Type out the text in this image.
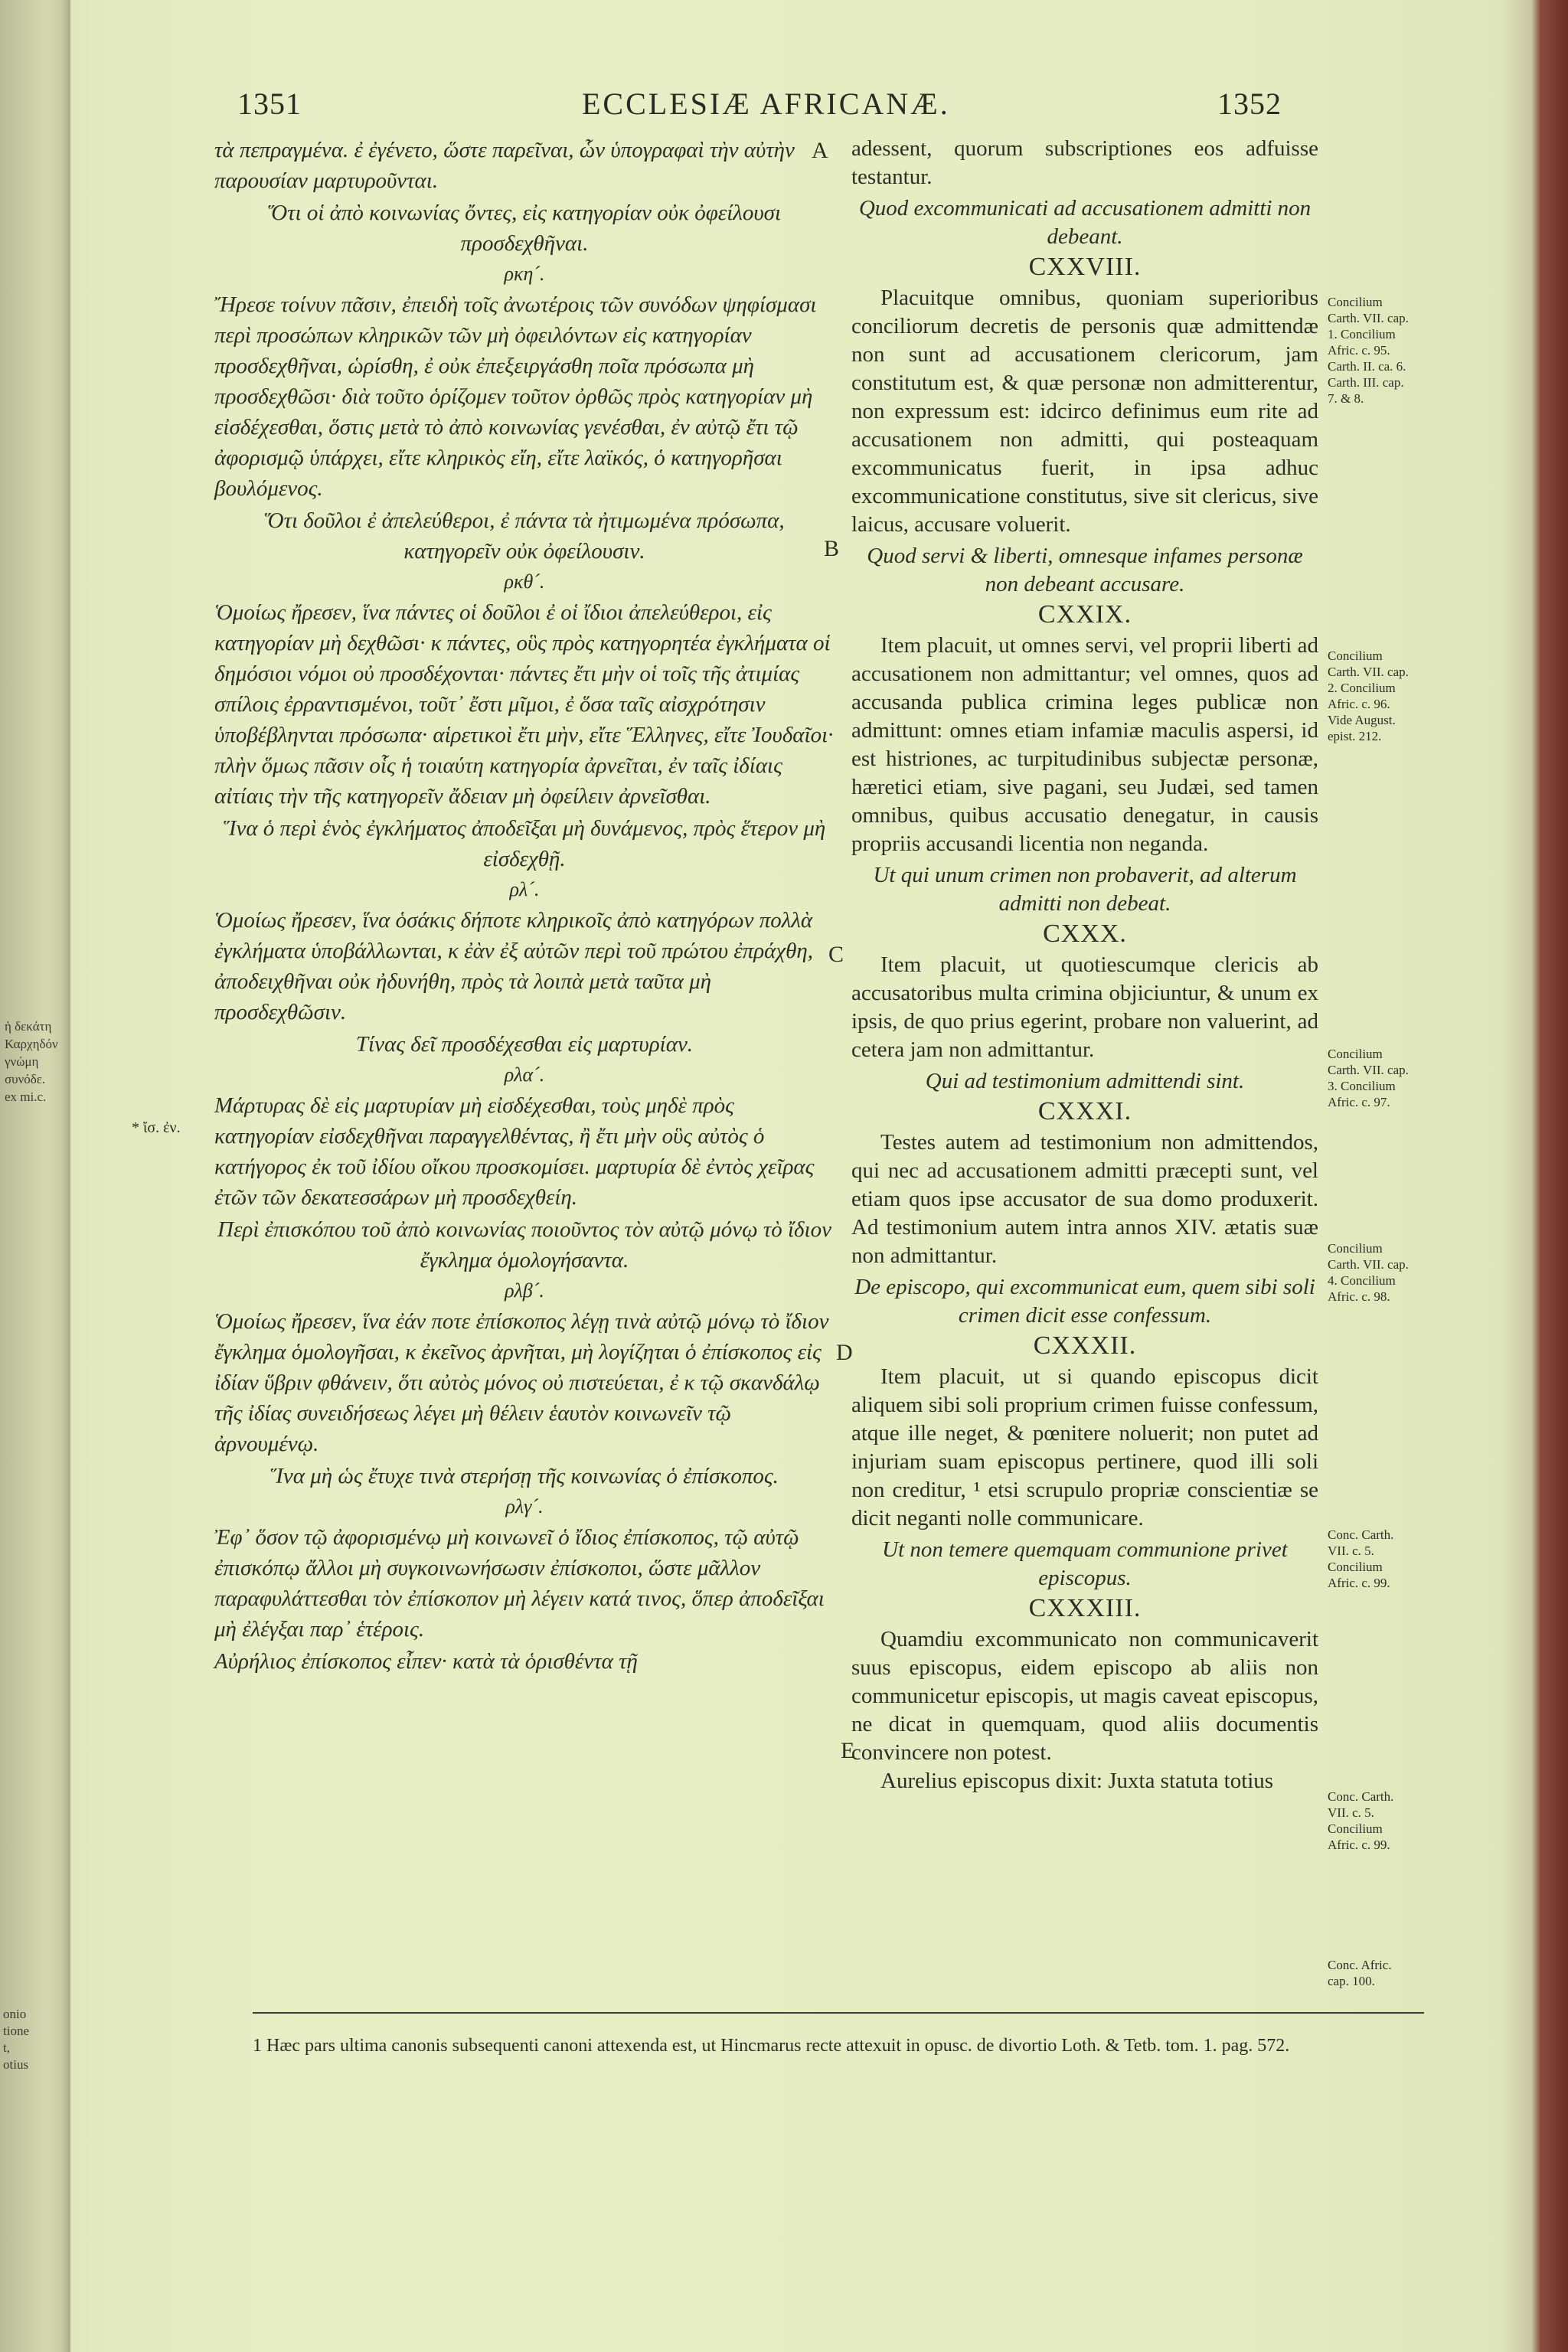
ἡ δεκάτη
Καρχηδόν
γνώμη
συνόδε.
ex mi.c.
onio
tione
t,
otius
1351	ECCLESIÆ AFRICANÆ.	1352

τὰ πεπραγμένα. ἐ ἐγένετο, ὥστε παρεῖναι, ὧν ὑπογραφαὶ τὴν αὐτὴν παρουσίαν μαρτυροῦνται.

Ὅτι οἱ ἀπὸ κοινωνίας ὄντες, εἰς κατηγορίαν οὐκ ὀφείλουσι προσδεχθῆναι.

ρκη´.

Ἤρεσε τοίνυν πᾶσιν, ἐπειδὴ τοῖς ἀνωτέροις τῶν συνόδων ψηφίσμασι περὶ προσώπων κληρικῶν τῶν μὴ ὀφειλόντων εἰς κατηγορίαν προσδεχθῆναι, ὡρίσθη, ἐ οὐκ ἐπεξειργάσθη ποῖα πρόσωπα μὴ προσδεχθῶσι· διὰ τοῦτο ὁρίζομεν τοῦτον ὀρθῶς πρὸς κατηγορίαν μὴ εἰσδέχεσθαι, ὅστις μετὰ τὸ ἀπὸ κοινωνίας γενέσθαι, ἐν αὐτῷ ἔτι τῷ ἀφορισμῷ ὑπάρχει, εἴτε κληρικὸς εἴη, εἴτε λαϊκός, ὁ κατηγορῆσαι βουλόμενος.

Ὅτι δοῦλοι ἐ ἀπελεύθεροι, ἐ πάντα τὰ ἠτιμωμένα πρόσωπα, κατηγορεῖν οὐκ ὀφείλουσιν.

ρκθ´.

Ὁμοίως ἤρεσεν, ἵνα πάντες οἱ δοῦλοι ἐ οἱ ἴδιοι ἀπελεύθεροι, εἰς κατηγορίαν μὴ δεχθῶσι· κ πάντες, οὓς πρὸς κατηγορητέα ἐγκλήματα οἱ δημόσιοι νόμοι οὐ προσδέχονται· πάντες ἔτι μὴν οἱ τοῖς τῆς ἀτιμίας σπίλοις ἐρραντισμένοι, τοῦτ᾽ ἔστι μῖμοι, ἐ ὅσα ταῖς αἰσχρότησιν ὑποβέβληνται πρόσωπα· αἱρετικοὶ ἔτι μὴν, εἴτε Ἕλληνες, εἴτε Ἰουδαῖοι· πλὴν ὅμως πᾶσιν οἷς ἡ τοιαύτη κατηγορία ἀρνεῖται, ἐν ταῖς ἰδίαις αἰτίαις τὴν τῆς κατηγορεῖν ἄδειαν μὴ ὀφείλειν ἀρνεῖσθαι.

Ἵνα ὁ περὶ ἑνὸς ἐγκλήματος ἀποδεῖξαι μὴ δυνάμενος, πρὸς ἕτερον μὴ εἰσδεχθῇ.

ρλ´.

Ὁμοίως ἤρεσεν, ἵνα ὁσάκις δήποτε κληρικοῖς ἀπὸ κατηγόρων πολλὰ ἐγκλήματα ὑποβάλλωνται, κ ἐὰν ἐξ αὐτῶν περὶ τοῦ πρώτου ἐπράχθη, ἀποδειχθῆναι οὐκ ἠδυνήθη, πρὸς τὰ λοιπὰ μετὰ ταῦτα μὴ προσδεχθῶσιν.

Τίνας δεῖ προσδέχεσθαι εἰς μαρτυρίαν.

ρλα´.

Μάρτυρας δὲ εἰς μαρτυρίαν μὴ εἰσδέχεσθαι, τοὺς μηδὲ πρὸς κατηγορίαν εἰσδεχθῆναι παραγγελθέντας, ἢ ἔτι μὴν οὓς αὐτὸς ὁ κατήγορος ἐκ τοῦ ἰδίου οἴκου προσκομίσει. μαρτυρία δὲ ἐντὸς χεῖρας ἐτῶν τῶν δεκατεσσάρων μὴ προσδεχθείη.

Περὶ ἐπισκόπου τοῦ ἀπὸ κοινωνίας ποιοῦντος τὸν αὐτῷ μόνῳ τὸ ἴδιον ἔγκλημα ὁμολογήσαντα.

ρλβ´.

Ὁμοίως ἤρεσεν, ἵνα ἐάν ποτε ἐπίσκοπος λέγῃ τινὰ αὐτῷ μόνῳ τὸ ἴδιον ἔγκλημα ὁμολογῆσαι, κ ἐκεῖνος ἀρνῆται, μὴ λογίζηται ὁ ἐπίσκοπος εἰς ἰδίαν ὕβριν φθάνειν, ὅτι αὐτὸς μόνος οὐ πιστεύεται, ἐ κ τῷ σκανδάλῳ τῆς ἰδίας συνειδήσεως λέγει μὴ θέλειν ἑαυτὸν κοινωνεῖν τῷ ἀρνουμένῳ.

Ἵνα μὴ ὡς ἔτυχε τινὰ στερήσῃ τῆς κοινωνίας ὁ ἐπίσκοπος.

ρλγ´.

Ἐφ᾽ ὅσον τῷ ἀφορισμένῳ μὴ κοινωνεῖ ὁ ἴδιος ἐπίσκοπος, τῷ αὐτῷ ἐπισκόπῳ ἄλλοι μὴ συγκοινωνήσωσιν ἐπίσκοποι, ὥστε μᾶλλον παραφυλάττεσθαι τὸν ἐπίσκοπον μὴ λέγειν κατά τινος, ὅπερ ἀποδεῖξαι μὴ ἐλέγξαι παρ᾽ ἑτέροις.

Αὐρήλιος ἐπίσκοπος εἶπεν· κατὰ τὰ ὁρισθέντα τῇ

* ἴσ. ἐν.
A
B
C
D
E

adessent, quorum subscriptiones eos adfuisse testantur.

Quod excommunicati ad accusationem admitti non debeant.

CXXVIII.

Placuitque omnibus, quoniam superioribus conciliorum decretis de personis quæ admittendæ non sunt ad accusationem clericorum, jam constitutum est, & quæ personæ non admitterentur, non expressum est: idcirco definimus eum rite ad accusationem non admitti, qui posteaquam excommunicatus fuerit, in ipsa adhuc excommunicatione constitutus, sive sit clericus, sive laicus, accusare voluerit.

Quod servi & liberti, omnesque infames personæ non debeant accusare.

CXXIX.

Item placuit, ut omnes servi, vel proprii liberti ad accusationem non admittantur; vel omnes, quos ad accusanda publica crimina leges publicæ non admittunt: omnes etiam infamiæ maculis aspersi, id est histriones, ac turpitudinibus subjectæ personæ, hæretici etiam, sive pagani, seu Judæi, sed tamen omnibus, quibus accusatio denegatur, in causis propriis accusandi licentia non neganda.

Ut qui unum crimen non probaverit, ad alterum admitti non debeat.

CXXX.

Item placuit, ut quotiescumque clericis ab accusatoribus multa crimina objiciuntur, & unum ex ipsis, de quo prius egerint, probare non valuerint, ad cetera jam non admittantur.

Qui ad testimonium admittendi sint.

CXXXI.

Testes autem ad testimonium non admittendos, qui nec ad accusationem admitti præcepti sunt, vel etiam quos ipse accusator de sua domo produxerit. Ad testimonium autem intra annos XIV. ætatis suæ non admittantur.

De episcopo, qui excommunicat eum, quem sibi soli crimen dicit esse confessum.

CXXXII.

Item placuit, ut si quando episcopus dicit aliquem sibi soli proprium crimen fuisse confessum, atque ille neget, & pœnitere noluerit; non putet ad injuriam suam episcopus pertinere, quod illi soli non creditur, ¹ etsi scrupulo propriæ conscientiæ se dicit neganti nolle communicare.

Ut non temere quemquam communione privet episcopus.

CXXXIII.

Quamdiu excommunicato non communicaverit suus episcopus, eidem episcopo ab aliis non communicetur episcopis, ut magis caveat episcopus, ne dicat in quemquam, quod aliis documentis convincere non potest.

Aurelius episcopus dixit: Juxta statuta totius

Concilium Carth. VII. cap. 1. Concilium Afric. c. 95. Carth. II. ca. 6. Carth. III. cap. 7. & 8.
Concilium Carth. VII. cap. 2. Concilium Afric. c. 96. Vide August. epist. 212.
Concilium Carth. VII. cap. 3. Concilium Afric. c. 97.
Concilium Carth. VII. cap. 4. Concilium Afric. c. 98.
Conc. Carth. VII. c. 5. Concilium Afric. c. 99.
Conc. Carth. VII. c. 5. Concilium Afric. c. 99.
Conc. Afric. cap. 100.
1 Hæc pars ultima canonis subsequenti canoni attexenda est, ut Hincmarus recte attexuit in opusc. de divortio Loth. & Tetb. tom. 1. pag. 572.
